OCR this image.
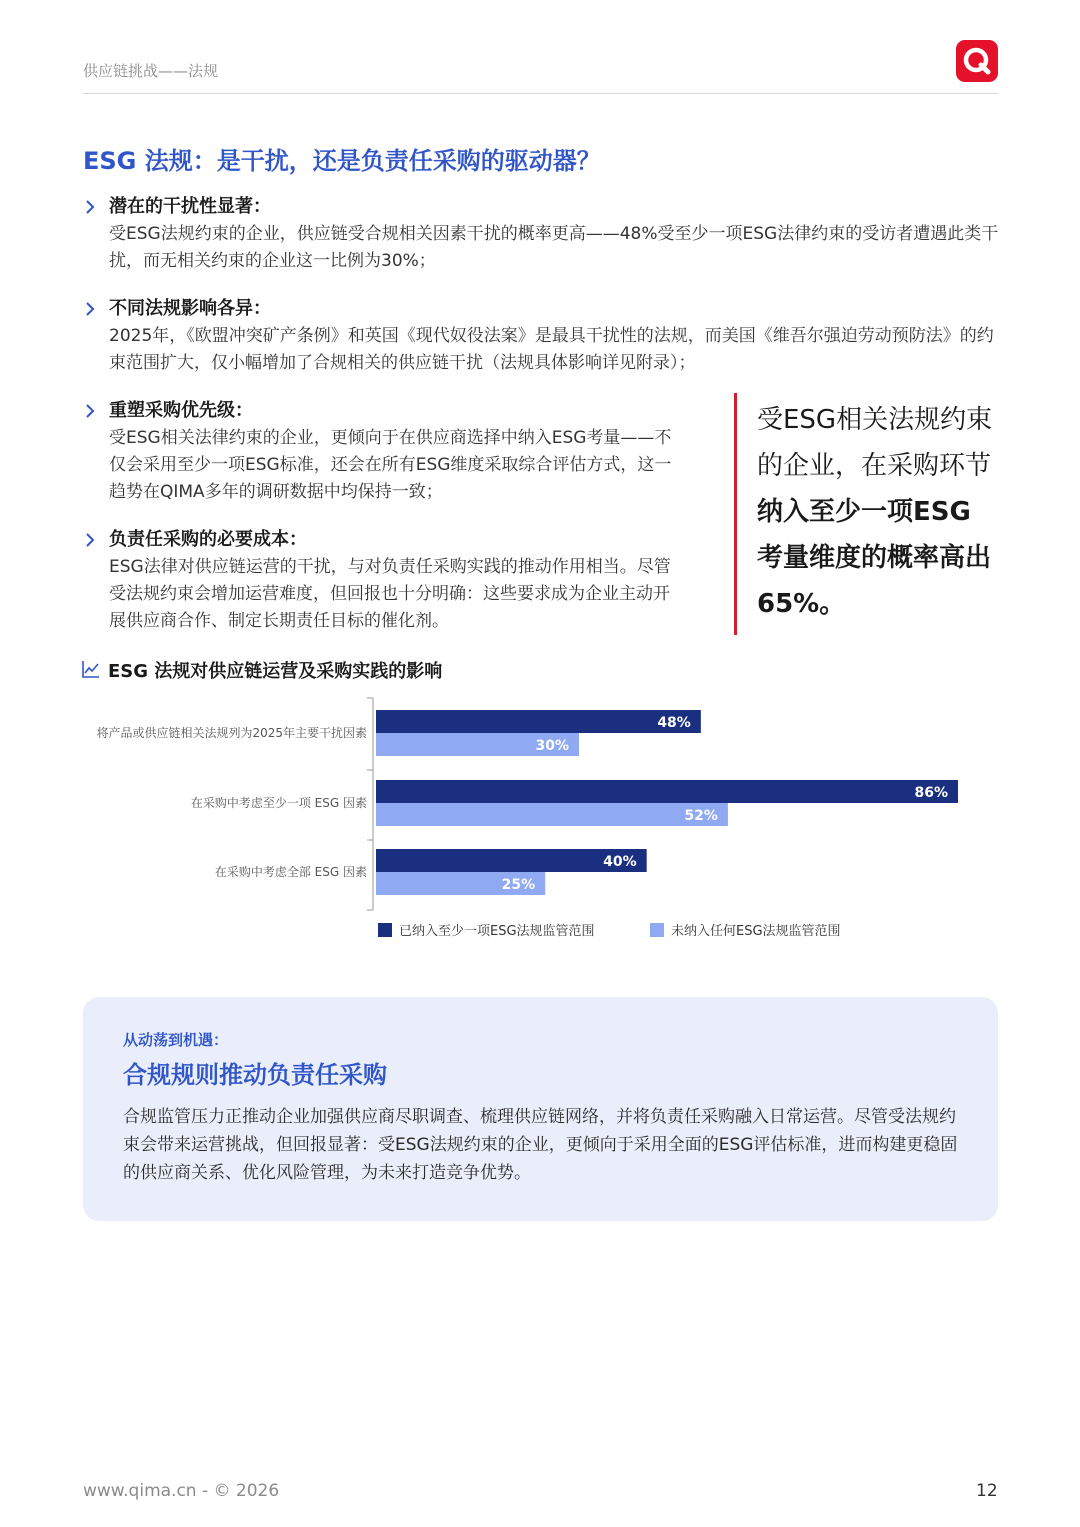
供应链挑战——法规
ESG 法规：是干扰，还是负责任采购的驱动器？
潜在的干扰性显著：
受ESG法规约束的企业，供应链受合规相关因素干扰的概率更高——48%受至少一项ESG法律约束的受访者遭遇此类干扰，而无相关约束的企业这一比例为30%；
不同法规影响各异：
2025年，《欧盟冲突矿产条例》和英国《现代奴役法案》是最具干扰性的法规，而美国《维吾尔强迫劳动预防法》的约束范围扩大，仅小幅增加了合规相关的供应链干扰（法规具体影响详见附录）；
重塑采购优先级：
受ESG相关法律约束的企业，更倾向于在供应商选择中纳入ESG考量——不仅会采用至少一项ESG标准，还会在所有ESG维度采取综合评估方式，这一趋势在QIMA多年的调研数据中均保持一致；
负责任采购的必要成本：
ESG法律对供应链运营的干扰，与对负责任采购实践的推动作用相当。尽管受法规约束会增加运营难度，但回报也十分明确：这些要求成为企业主动开展供应商合作、制定长期责任目标的催化剂。
受ESG相关法规约束的企业，在采购环节纳入至少一项ESG 考量维度的概率高出 65%。
ESG 法规对供应链运营及采购实践的影响
将产品或供应链相关法规列为2025年主要干扰因素
48%
30%
在采购中考虑至少一项 ESG 因素
86%
52%
在采购中考虑全部 ESG 因素
40%
25%
已纳入至少一项ESG法规监管范围	未纳入任何ESG法规监管范围
从动荡到机遇：
合规规则推动负责任采购
合规监管压力正推动企业加强供应商尽职调查、梳理供应链网络，并将负责任采购融入日常运营。尽管受法规约束会带来运营挑战，但回报显著：受ESG法规约束的企业，更倾向于采用全面的ESG评估标准，进而构建更稳固的供应商关系、优化风险管理，为未来打造竞争优势。
www.qima.cn - © 2026	12
